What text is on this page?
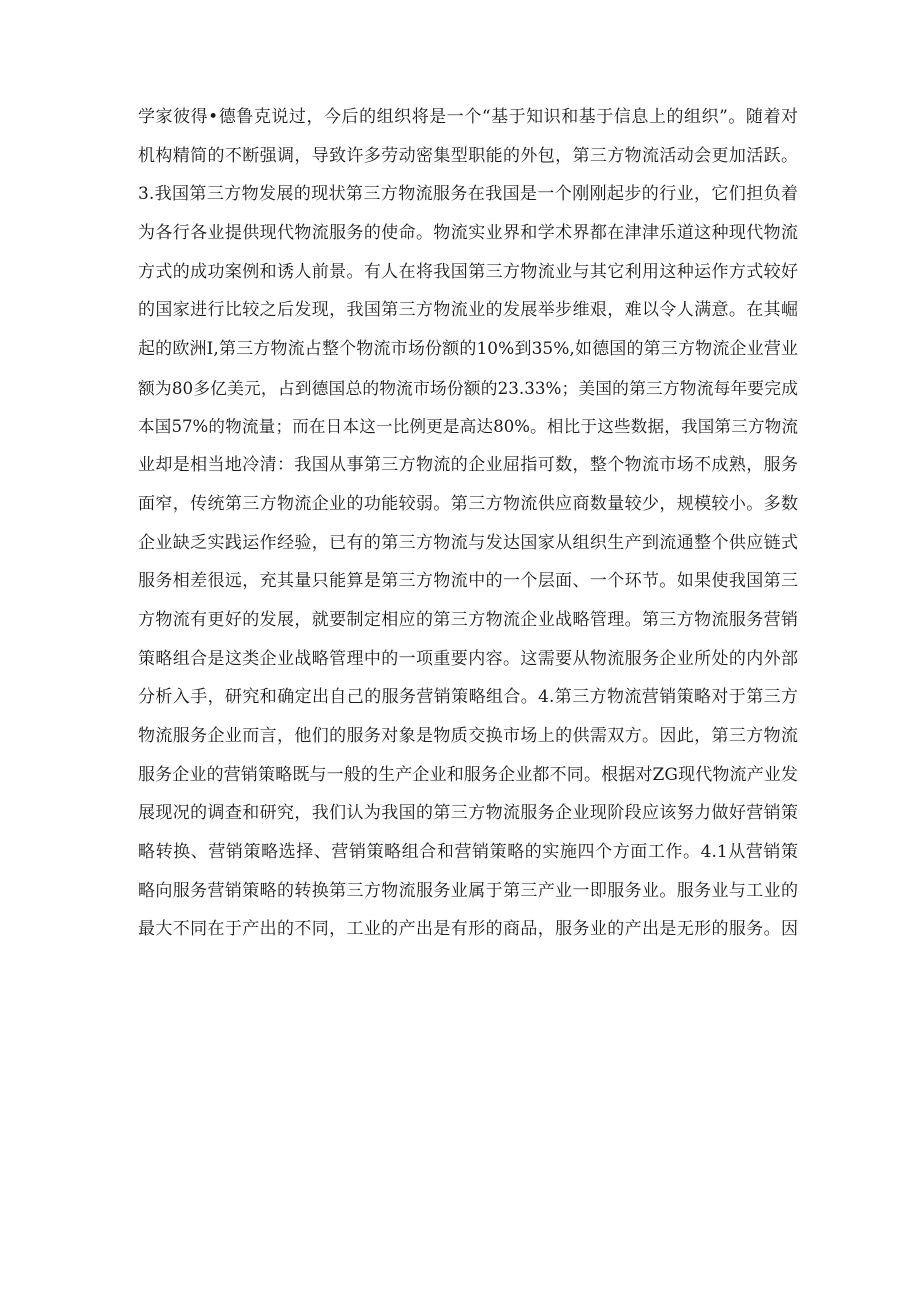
学家彼得•德鲁克说过，今后的组织将是一个“基于知识和基于信息上的组织”。随着对
机构精简的不断强调，导致许多劳动密集型职能的外包，第三方物流活动会更加活跃。
3.我国第三方物发展的现状第三方物流服务在我国是一个刚刚起步的行业，它们担负着
为各行各业提供现代物流服务的使命。物流实业界和学术界都在津津乐道这种现代物流
方式的成功案例和诱人前景。有人在将我国第三方物流业与其它利用这种运作方式较好
的国家进行比较之后发现，我国第三方物流业的发展举步维艰，难以令人满意。在其崛
起的欧洲I,第三方物流占整个物流市场份额的10%到35%,如德国的第三方物流企业营业
额为80多亿美元，占到德国总的物流市场份额的23.33%；美国的第三方物流每年要完成
本国57%的物流量；而在日本这一比例更是高达80%。相比于这些数据，我国第三方物流
业却是相当地冷清：我国从事第三方物流的企业屈指可数，整个物流市场不成熟，服务
面窄，传统第三方物流企业的功能较弱。第三方物流供应商数量较少，规模较小。多数
企业缺乏实践运作经验，已有的第三方物流与发达国家从组织生产到流通整个供应链式
服务相差很远，充其量只能算是第三方物流中的一个层面、一个环节。如果使我国第三
方物流有更好的发展，就要制定相应的第三方物流企业战略管理。第三方物流服务营销
策略组合是这类企业战略管理中的一项重要内容。这需要从物流服务企业所处的内外部
分析入手，研究和确定出自己的服务营销策略组合。4.第三方物流营销策略对于第三方
物流服务企业而言，他们的服务对象是物质交换市场上的供需双方。因此，第三方物流
服务企业的营销策略既与一般的生产企业和服务企业都不同。根据对ZG现代物流产业发
展现况的调查和研究，我们认为我国的第三方物流服务企业现阶段应该努力做好营销策
略转换、营销策略选择、营销策略组合和营销策略的实施四个方面工作。4.1从营销策
略向服务营销策略的转换第三方物流服务业属于第三产业一即服务业。服务业与工业的
最大不同在于产出的不同，工业的产出是有形的商品，服务业的产出是无形的服务。因
